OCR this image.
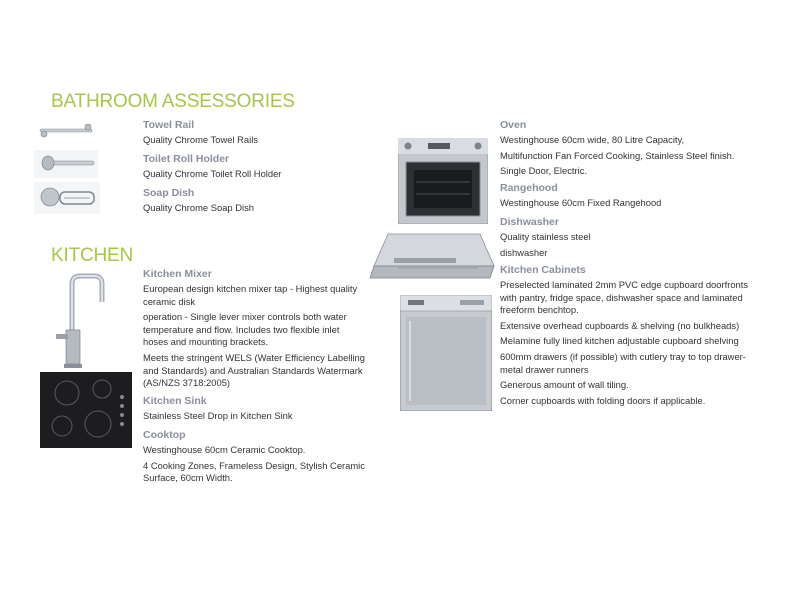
BATHROOM ASSESSORIES
KITCHEN

Towel Rail

Quality Chrome Towel Rails

Toilet Roll Holder

Quality Chrome Toilet Roll Holder

Soap Dish

Quality Chrome Soap Dish

Kitchen Mixer

European design kitchen mixer tap - Highest quality ceramic disk

operation - Single lever mixer controls both water temperature and flow. Includes two flexible inlet hoses and mounting brackets.

Meets the stringent WELS (Water Efficiency Labelling and Standards) and Australian Standards Watermark (AS/NZS 3718:2005)

Kitchen Sink

Stainless Steel Drop in Kitchen Sink

Cooktop

Westinghouse 60cm Ceramic Cooktop.

4 Cooking Zones, Frameless Design, Stylish Ceramic Surface, 60cm Width.

Oven

Westinghouse 60cm wide, 80 Litre Capacity,

Multifunction Fan Forced Cooking, Stainless Steel finish.

Single Door, Electric.

Rangehood

Westinghouse 60cm Fixed Rangehood

Dishwasher

Quality stainless steel

dishwasher

Kitchen Cabinets

Preselected laminated 2mm PVC edge cupboard doorfronts with pantry, fridge space, dishwasher space and laminated freeform benchtop.

Extensive overhead cupboards & shelving (no bulkheads)

Melamine fully lined kitchen adjustable cupboard shelving

600mm drawers (if possible) with cutlery tray to top drawer-metal drawer runners

Generous amount of wall tiling.

Corner cupboards with folding doors if applicable.
